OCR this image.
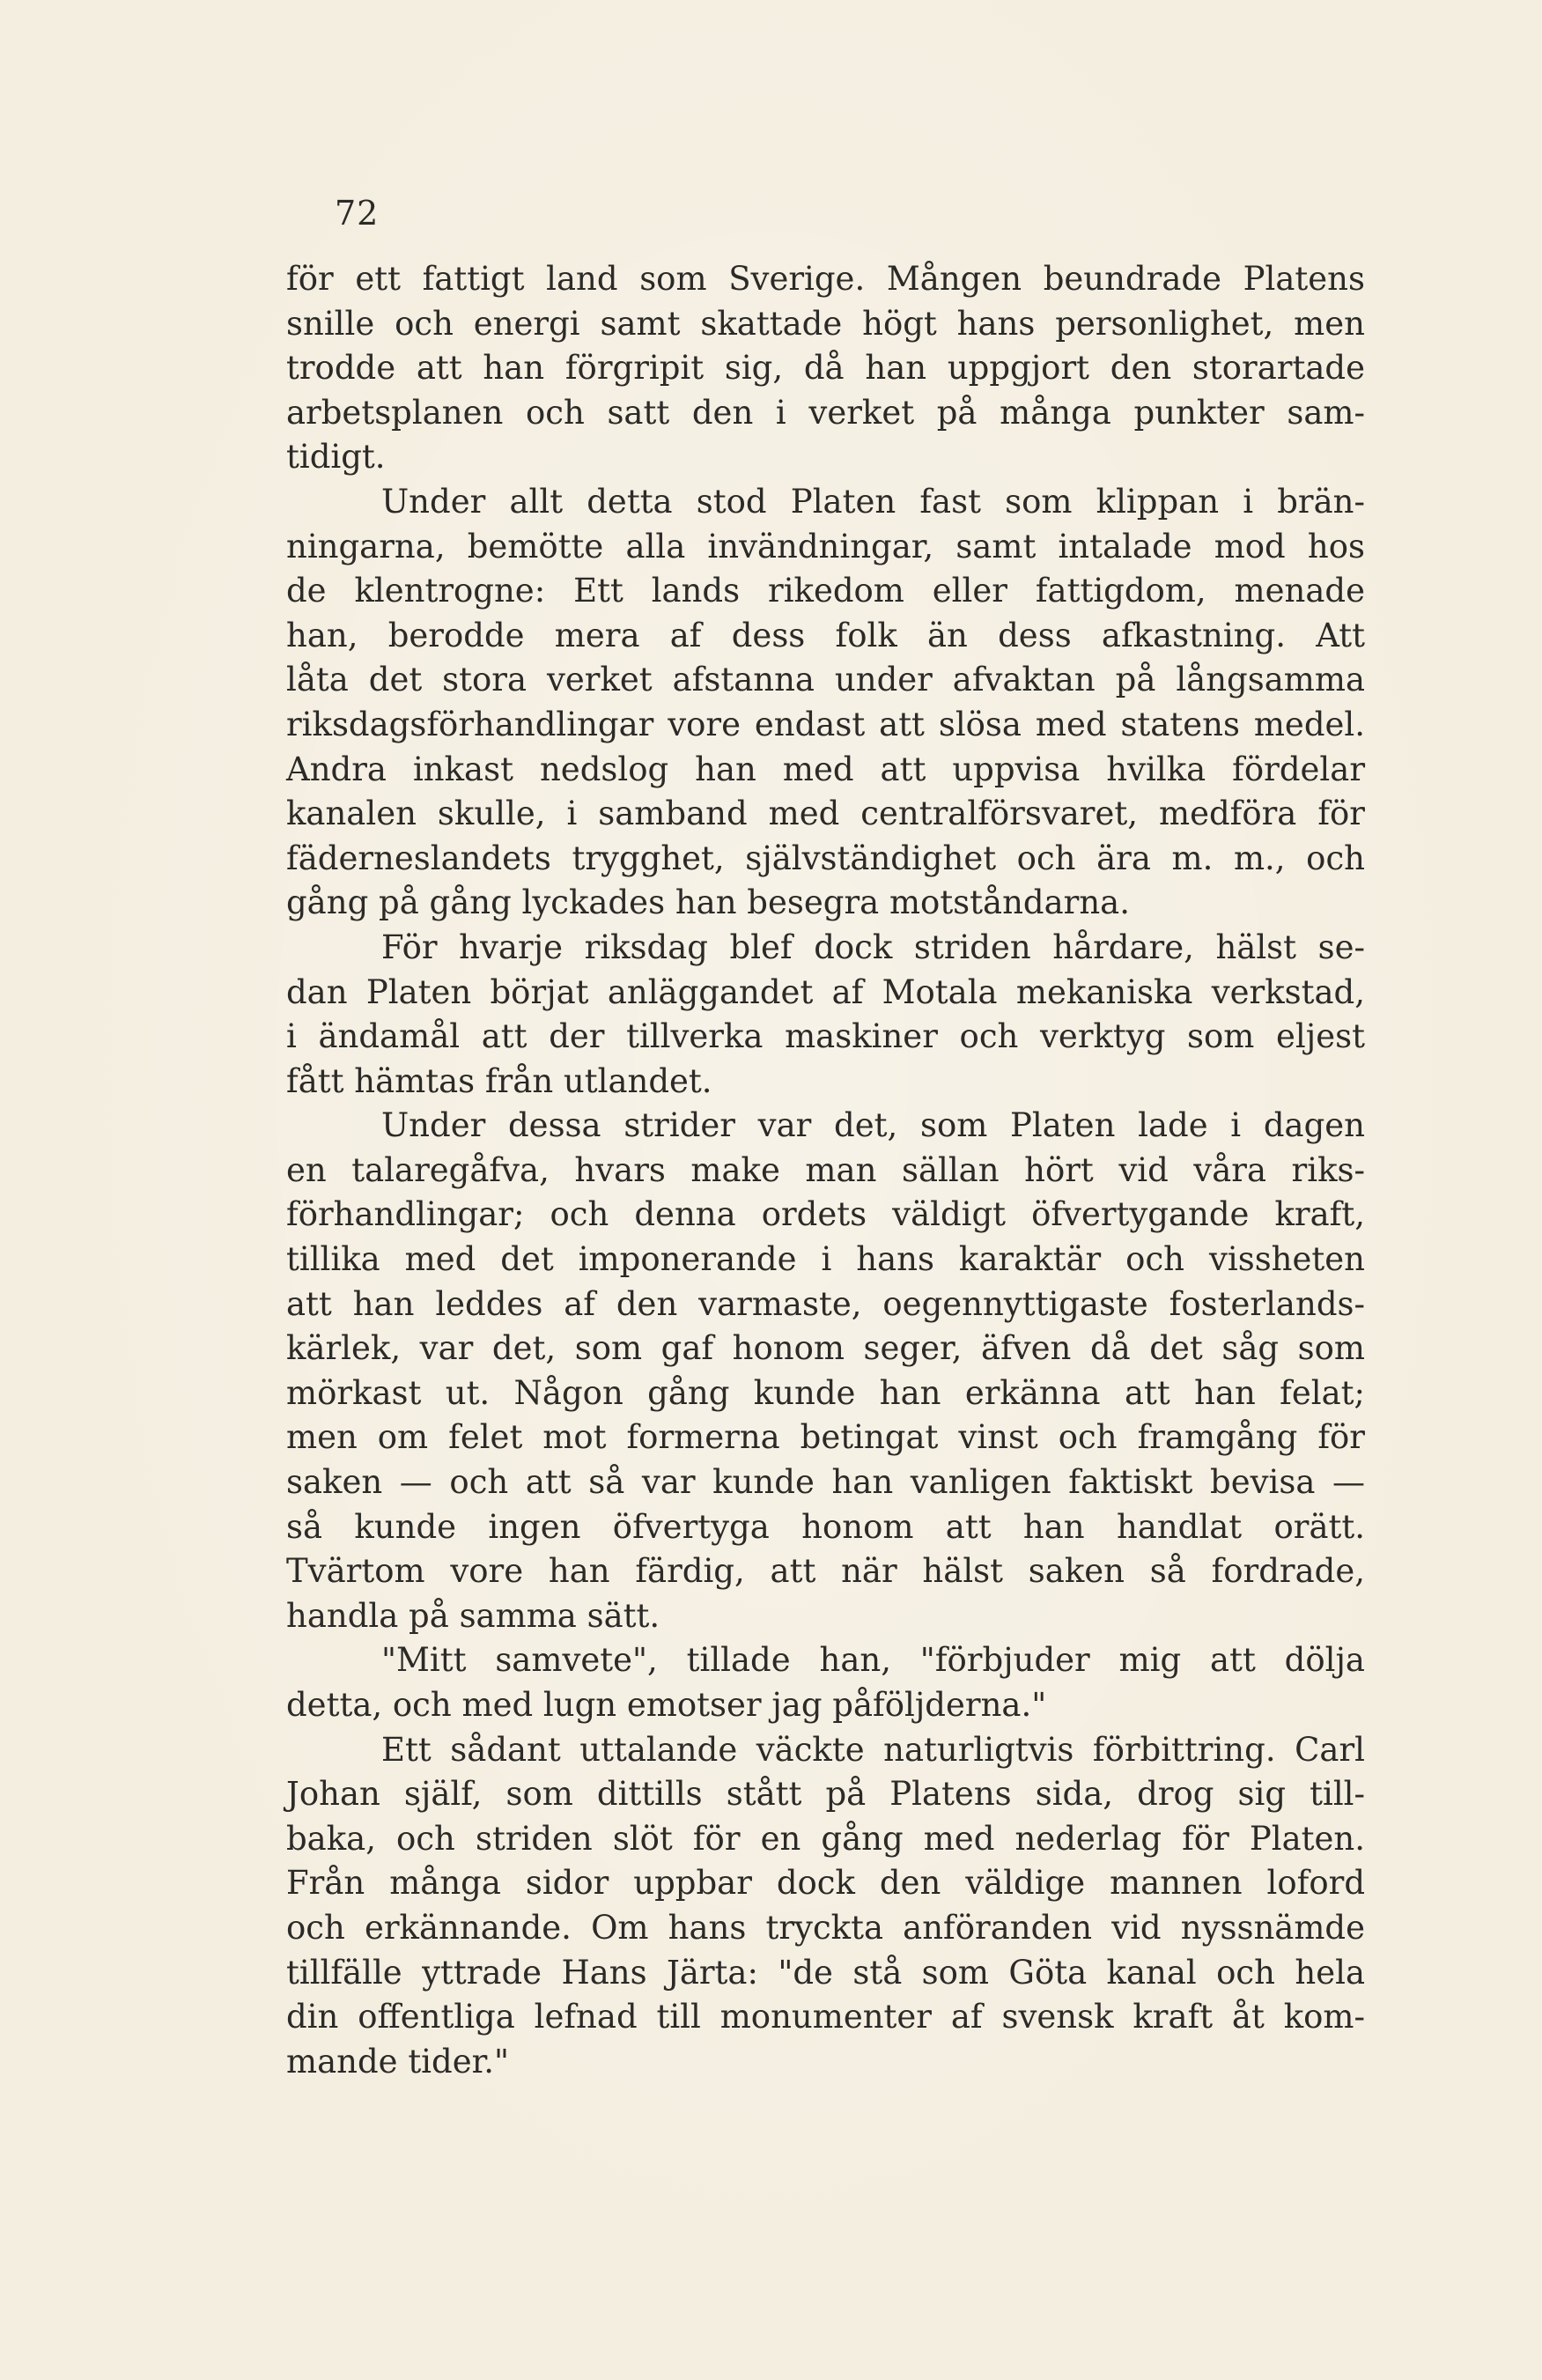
72
för ett fattigt land som Sverige. Mången beundrade Platens
snille och energi samt skattade högt hans personlighet, men
trodde att han förgripit sig, då han uppgjort den storartade
arbetsplanen och satt den i verket på många punkter sam-
tidigt.
Under allt detta stod Platen fast som klippan i brän-
ningarna, bemötte alla invändningar, samt intalade mod hos
de klentrogne: Ett lands rikedom eller fattigdom, menade
han, berodde mera af dess folk än dess afkastning. Att
låta det stora verket afstanna under afvaktan på långsamma
riksdagsförhandlingar vore endast att slösa med statens medel.
Andra inkast nedslog han med att uppvisa hvilka fördelar
kanalen skulle, i samband med centralförsvaret, medföra för
fäderneslandets trygghet, självständighet och ära m. m., och
gång på gång lyckades han besegra motståndarna.
För hvarje riksdag blef dock striden hårdare, hälst se-
dan Platen börjat anläggandet af Motala mekaniska verkstad,
i ändamål att der tillverka maskiner och verktyg som eljest
fått hämtas från utlandet.
Under dessa strider var det, som Platen lade i dagen
en talaregåfva, hvars make man sällan hört vid våra riks-
förhandlingar; och denna ordets väldigt öfvertygande kraft,
tillika med det imponerande i hans karaktär och vissheten
att han leddes af den varmaste, oegennyttigaste fosterlands-
kärlek, var det, som gaf honom seger, äfven då det såg som
mörkast ut. Någon gång kunde han erkänna att han felat;
men om felet mot formerna betingat vinst och framgång för
saken — och att så var kunde han vanligen faktiskt bevisa —
så kunde ingen öfvertyga honom att han handlat orätt.
Tvärtom vore han färdig, att när hälst saken så fordrade,
handla på samma sätt.
"Mitt samvete", tillade han, "förbjuder mig att dölja
detta, och med lugn emotser jag påföljderna."
Ett sådant uttalande väckte naturligtvis förbittring. Carl
Johan själf, som dittills stått på Platens sida, drog sig till-
baka, och striden slöt för en gång med nederlag för Platen.
Från många sidor uppbar dock den väldige mannen loford
och erkännande. Om hans tryckta anföranden vid nyssnämde
tillfälle yttrade Hans Järta: "de stå som Göta kanal och hela
din offentliga lefnad till monumenter af svensk kraft åt kom-
mande tider."
